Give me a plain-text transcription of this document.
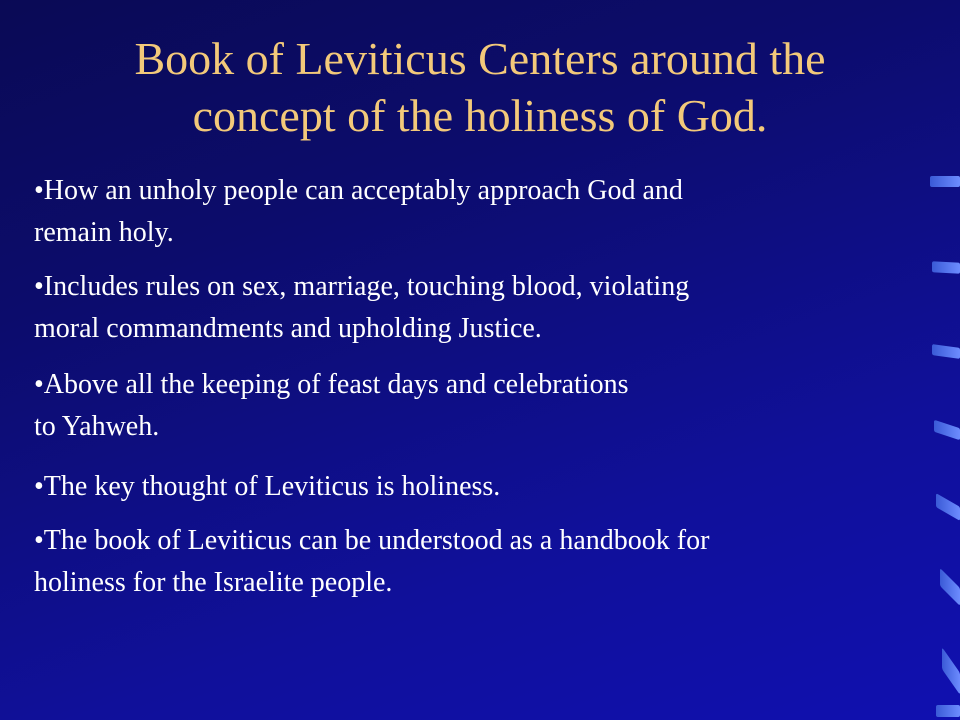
Book of Leviticus Centers around the
concept of the holiness of God.
•How an unholy people can acceptably approach God and
remain holy.
•Includes rules on sex, marriage, touching blood, violating
moral commandments and upholding Justice.
•Above all the keeping of feast days and celebrations
to Yahweh.
•The key thought of Leviticus is holiness.
•The book of Leviticus can be understood as a handbook for
holiness for the Israelite people.
